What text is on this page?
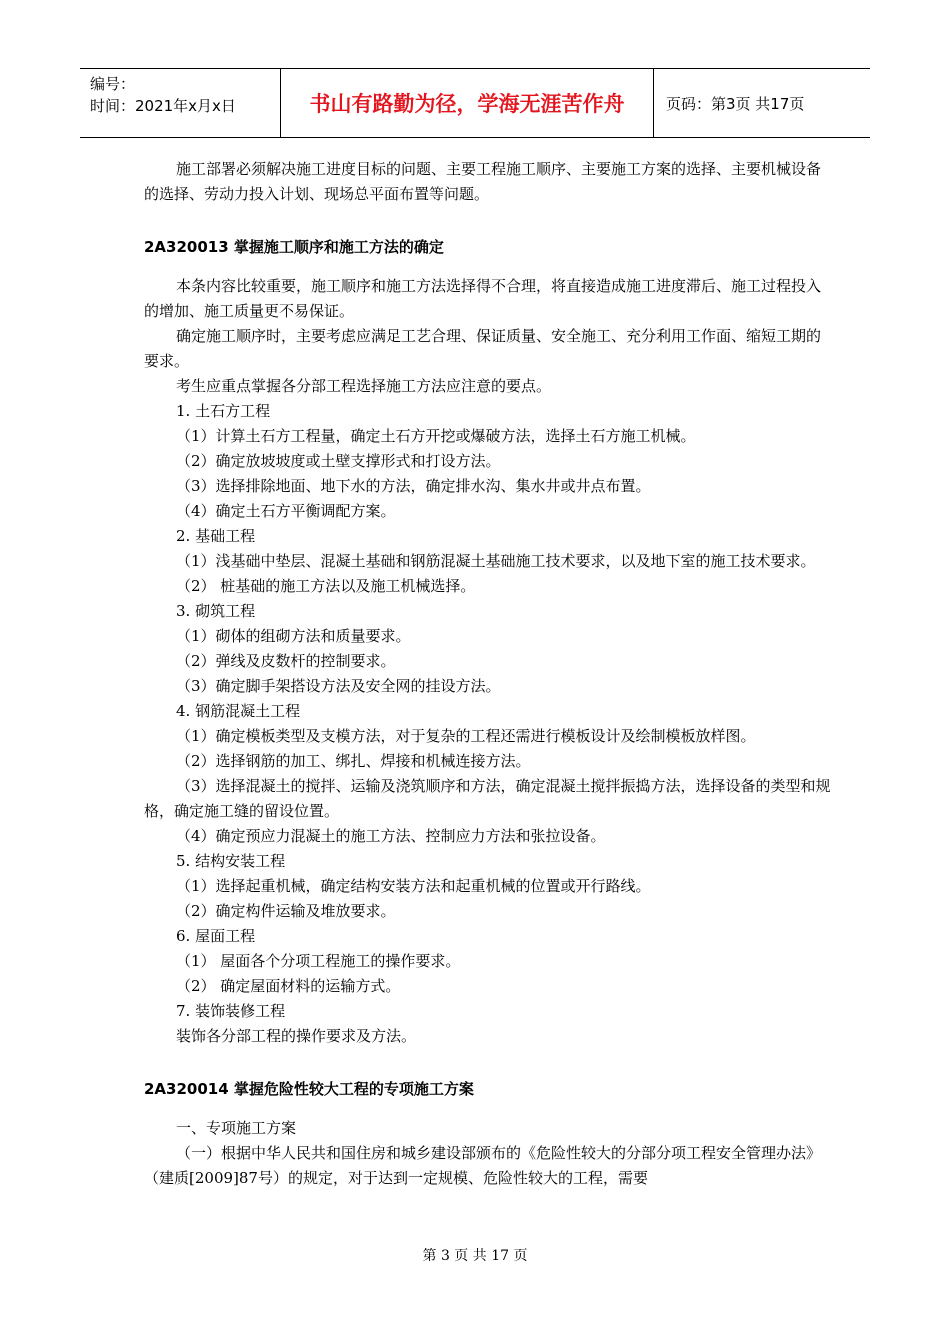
编号：
时间：2021年x月x日	书山有路勤为径，学海无涯苦作舟	页码：第3页 共17页

施工部署必须解决施工进度目标的问题、主要工程施工顺序、主要施工方案的选择、主要机械设备的选择、劳动力投入计划、现场总平面布置等问题。

2A320013 掌握施工顺序和施工方法的确定

本条内容比较重要，施工顺序和施工方法选择得不合理，将直接造成施工进度滞后、施工过程投入的增加、施工质量更不易保证。

确定施工顺序时，主要考虑应满足工艺合理、保证质量、安全施工、充分利用工作面、缩短工期的要求。

考生应重点掌握各分部工程选择施工方法应注意的要点。

1. 土石方工程

（1）计算土石方工程量，确定土石方开挖或爆破方法，选择土石方施工机械。

（2）确定放坡坡度或土壁支撑形式和打设方法。

（3）选择排除地面、地下水的方法，确定排水沟、集水井或井点布置。

（4）确定土石方平衡调配方案。

2. 基础工程

（1）浅基础中垫层、混凝土基础和钢筋混凝土基础施工技术要求，以及地下室的施工技术要求。

（2） 桩基础的施工方法以及施工机械选择。

3. 砌筑工程

（1）砌体的组砌方法和质量要求。

（2）弹线及皮数杆的控制要求。

（3）确定脚手架搭设方法及安全网的挂设方法。

4. 钢筋混凝土工程

（1）确定模板类型及支模方法，对于复杂的工程还需进行模板设计及绘制模板放样图。

（2）选择钢筋的加工、绑扎、焊接和机械连接方法。

（3）选择混凝土的搅拌、运输及浇筑顺序和方法，确定混凝土搅拌振捣方法，选择设备的类型和规格，确定施工缝的留设位置。

（4）确定预应力混凝土的施工方法、控制应力方法和张拉设备。

5. 结构安装工程

（1）选择起重机械，确定结构安装方法和起重机械的位置或开行路线。

（2）确定构件运输及堆放要求。

6. 屋面工程

（1） 屋面各个分项工程施工的操作要求。

（2） 确定屋面材料的运输方式。

7. 装饰装修工程

装饰各分部工程的操作要求及方法。

2A320014 掌握危险性较大工程的专项施工方案

一、专项施工方案

（一）根据中华人民共和国住房和城乡建设部颁布的《危险性较大的分部分项工程安全管理办法》（建质[2009]87号）的规定，对于达到一定规模、危险性较大的工程，需要

第 3 页 共 17 页
